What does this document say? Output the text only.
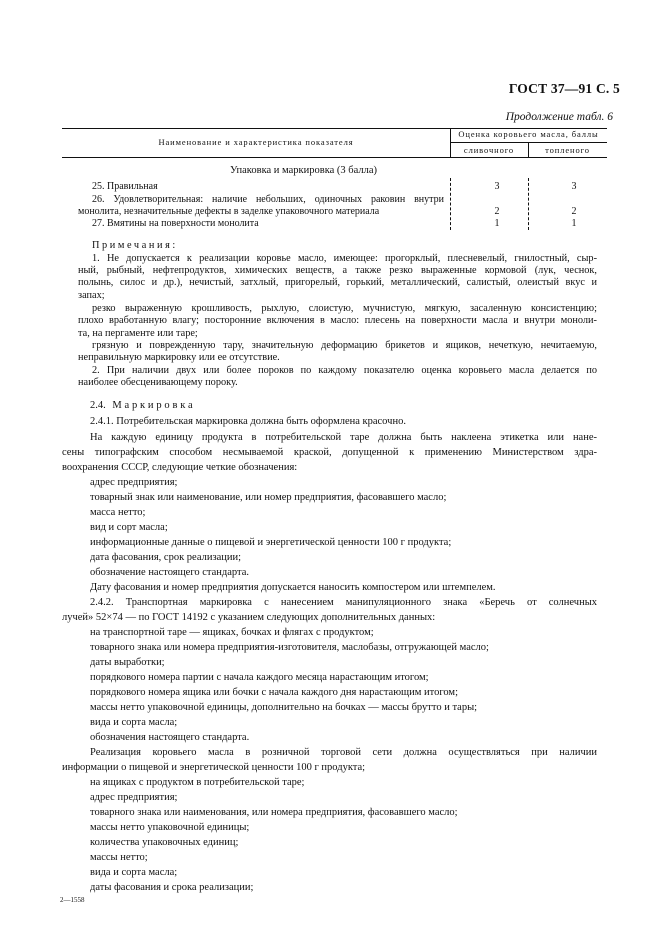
ГОСТ 37—91 С. 5
Продолжение табл. 6
Наименование и характеристика показателя
Оценка коровьего масла, баллы
сливочного	топленого
Упаковка и маркировка (3 балла)
25. Правильная	3	3
26. Удовлетворительная: наличие небольших, одиночных раковин внутри
монолита, незначительные дефекты в заделке упаковочного материала	2	2
27. Вмятины на поверхности монолита	1	1
Примечания:
1. Не допускается к реализации коровье масло, имеющее: прогорклый, плесневелый, гнилостный, сыр-
ный, рыбный, нефтепродуктов, химических веществ, а также резко выраженные кормовой (лук, чеснок,
полынь, силос и др.), нечистый, затхлый, пригорелый, горький, металлический, салистый, олеистый вкус и
запах;
резко выраженную крошливость, рыхлую, слоистую, мучнистую, мягкую, засаленную консистенцию;
плохо вработанную влагу; посторонние включения в масло: плесень на поверхности масла и внутри моноли-
та, на пергаменте или таре;
грязную и поврежденную тару, значительную деформацию брикетов и ящиков, нечеткую, нечитаемую,
неправильную маркировку или ее отсутствие.
2. При наличии двух или более пороков по каждому показателю оценка коровьего масла делается по
наиболее обесценивающему пороку.
2.4. Маркировка
2.4.1. Потребительская маркировка должна быть оформлена красочно.
На каждую единицу продукта в потребительской таре должна быть наклеена этикетка или нане-
сены типографским способом несмываемой краской, допущенной к применению Министерством здра-
воохранения СССР, следующие четкие обозначения:
адрес предприятия;
товарный знак или наименование, или номер предприятия, фасовавшего масло;
масса нетто;
вид и сорт масла;
информационные данные о пищевой и энергетической ценности 100 г продукта;
дата фасования, срок реализации;
обозначение настоящего стандарта.
Дату фасования и номер предприятия допускается наносить компостером или штемпелем.
2.4.2. Транспортная маркировка с нанесением манипуляционного знака «Беречь от солнечных
лучей» 52×74 — по ГОСТ 14192 с указанием следующих дополнительных данных:
на транспортной таре — ящиках, бочках и флягах с продуктом;
товарного знака или номера предприятия-изготовителя, маслобазы, отгружающей масло;
даты выработки;
порядкового номера партии с начала каждого месяца нарастающим итогом;
порядкового номера ящика или бочки с начала каждого дня нарастающим итогом;
массы нетто упаковочной единицы, дополнительно на бочках — массы брутто и тары;
вида и сорта масла;
обозначения настоящего стандарта.
Реализация коровьего масла в розничной торговой сети должна осуществляться при наличии
информации о пищевой и энергетической ценности 100 г продукта;
на ящиках с продуктом в потребительской таре;
адрес предприятия;
товарного знака или наименования, или номера предприятия, фасовавшего масло;
массы нетто упаковочной единицы;
количества упаковочных единиц;
массы нетто;
вида и сорта масла;
даты фасования и срока реализации;
2—1558
